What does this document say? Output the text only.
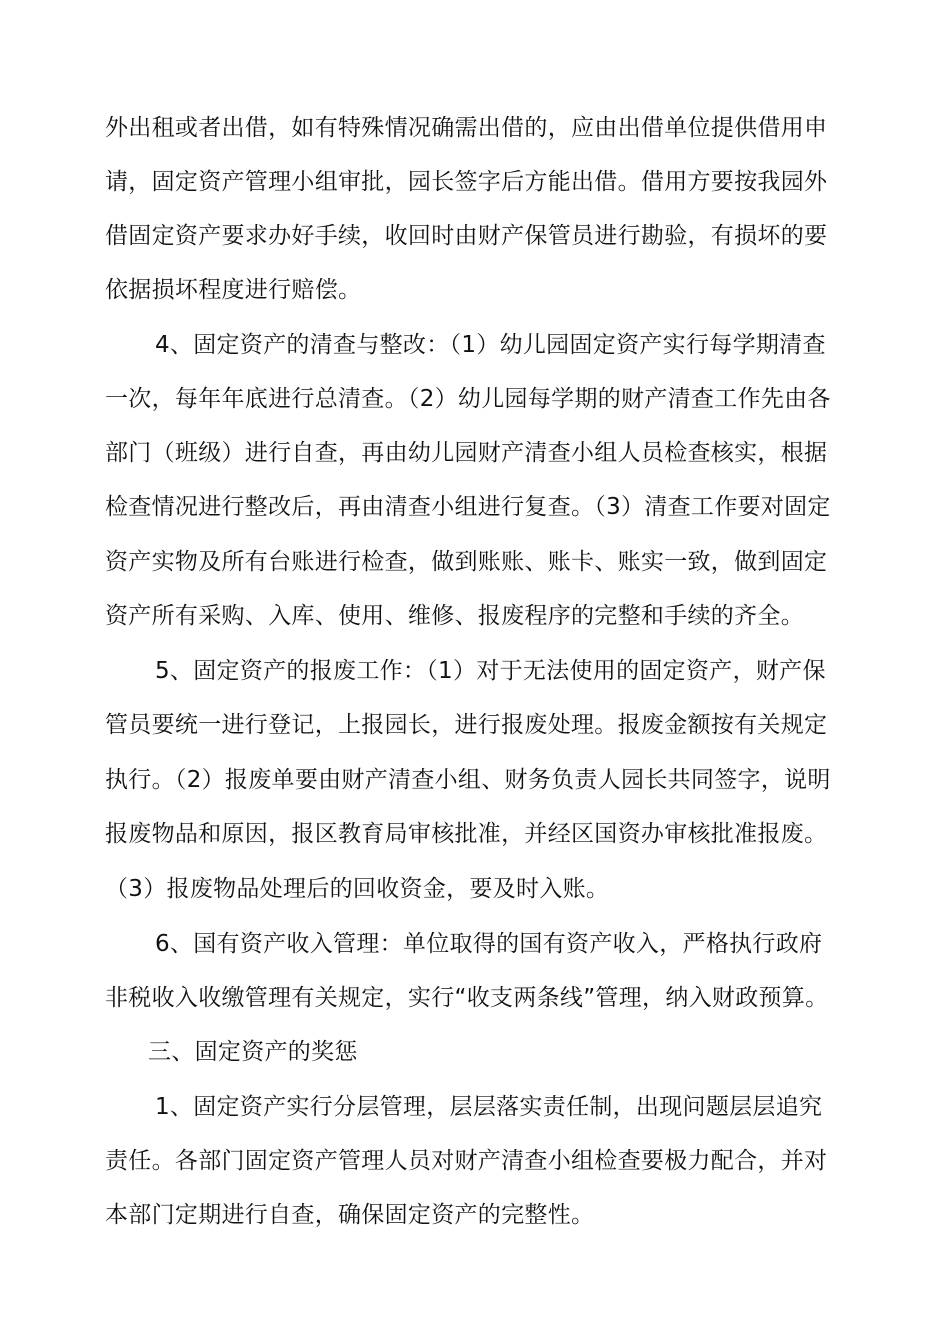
外出租或者出借，如有特殊情况确需出借的，应由出借单位提供借用申
请，固定资产管理小组审批，园长签字后方能出借。借用方要按我园外
借固定资产要求办好手续，收回时由财产保管员进行勘验，有损坏的要
依据损坏程度进行赔偿。
4、固定资产的清查与整改：（1）幼儿园固定资产实行每学期清查
一次，每年年底进行总清查。（2）幼儿园每学期的财产清查工作先由各
部门（班级）进行自查，再由幼儿园财产清查小组人员检查核实，根据
检查情况进行整改后，再由清查小组进行复查。（3）清查工作要对固定
资产实物及所有台账进行检查，做到账账、账卡、账实一致，做到固定
资产所有采购、入库、使用、维修、报废程序的完整和手续的齐全。
5、固定资产的报废工作：（1）对于无法使用的固定资产，财产保
管员要统一进行登记，上报园长，进行报废处理。报废金额按有关规定
执行。（2）报废单要由财产清查小组、财务负责人园长共同签字，说明
报废物品和原因，报区教育局审核批准，并经区国资办审核批准报废。
（3）报废物品处理后的回收资金，要及时入账。
6、国有资产收入管理：单位取得的国有资产收入，严格执行政府
非税收入收缴管理有关规定，实行“收支两条线”管理，纳入财政预算。
三、固定资产的奖惩
1、固定资产实行分层管理，层层落实责任制，出现问题层层追究
责任。各部门固定资产管理人员对财产清查小组检查要极力配合，并对
本部门定期进行自查，确保固定资产的完整性。
